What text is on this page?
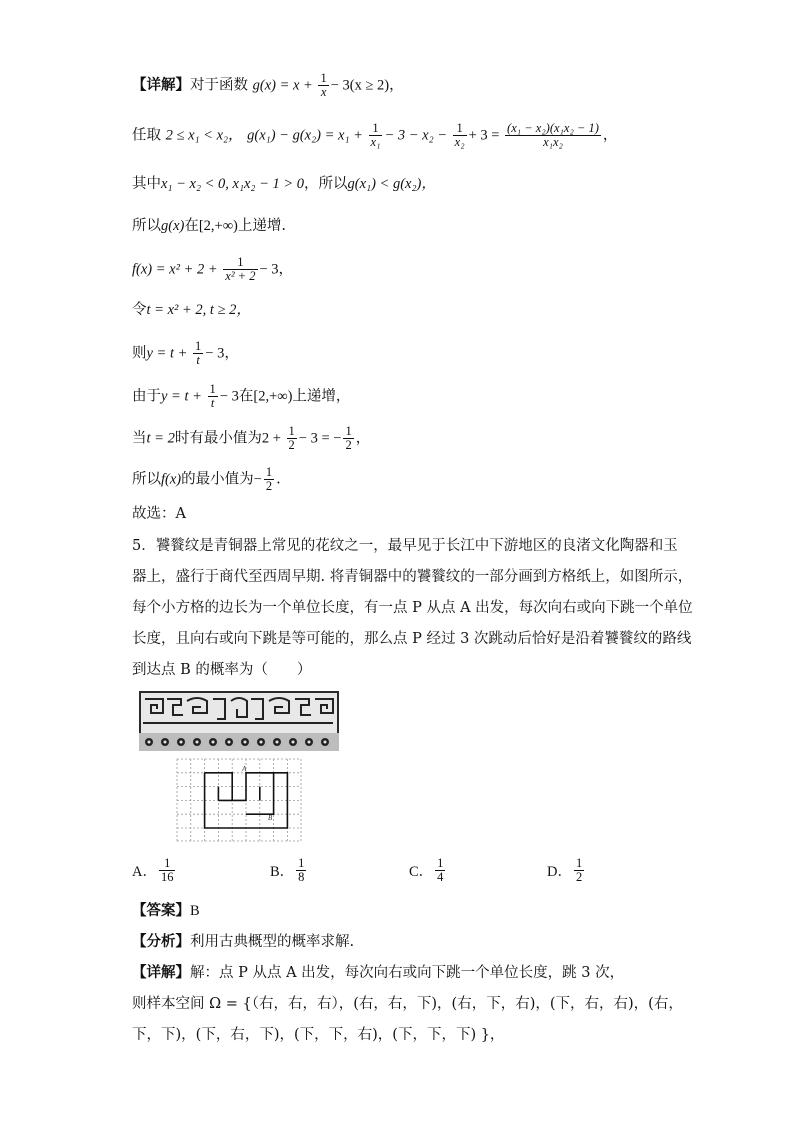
【详解】对于函数 $g(x) = x + \frac{1}{x} - 3(x \ge 2)$，
任取 2 ≤ x₁ < x₂， $g(x_1) - g(x_2) = x_1 + \frac{1}{\text{x₁}} - 3 - x_2 - \frac{1}{\text{x₂}} + 3 = \frac{\text{(x₁ − x₂)(x₁x₂ − 1)}}{\text{x₁x₂}}$ ，
其中x₁ − x₂ < 0, x₁x₂ − 1 > 0，所以g(x₁) < g(x₂)，
所以g(x)在[2,+∞)上递增.
$f(x) = x^2 + 2 + \frac{1}{\text{x² + 2}} - 3$，
令t = x² + 2, t ≥ 2，
则$y = t + \frac{1}{t} - 3$，
由于$y = t + \frac{1}{t} - 3$在[2,+∞)上递增，
当t = 2时有最小值为$2 + \frac{1}{2} - 3$ = − $\frac{1}{2}$ ，
所以f(x)的最小值为− $\frac{1}{2}$ .
故选：A
5．饕餮纹是青铜器上常见的花纹之一，最早见于长江中下游地区的良渚文化陶器和玉
器上，盛行于商代至西周早期. 将青铜器中的饕餮纹的一部分画到方格纸上，如图所示，
每个小方格的边长为一个单位长度，有一点 P 从点 A 出发，每次向右或向下跳一个单位
长度，且向右或向下跳是等可能的，那么点 P 经过 3 次跳动后恰好是沿着饕餮纹的路线
到达点 B 的概率为（　　）
A
B
A． $\frac{1}{16}$	B． $\frac{1}{8}$	C． $\frac{1}{4}$	D． $\frac{1}{2}$
【答案】B
【分析】利用古典概型的概率求解.
【详解】解：点 P 从点 A 出发，每次向右或向下跳一个单位长度，跳 3 次，
则样本空间 Ω = {（右，右，右），(右，右，下)，(右，下，右)，(下，右，右)，(右，
下，下)，(下，右，下)，(下，下，右)，(下，下，下) }，
